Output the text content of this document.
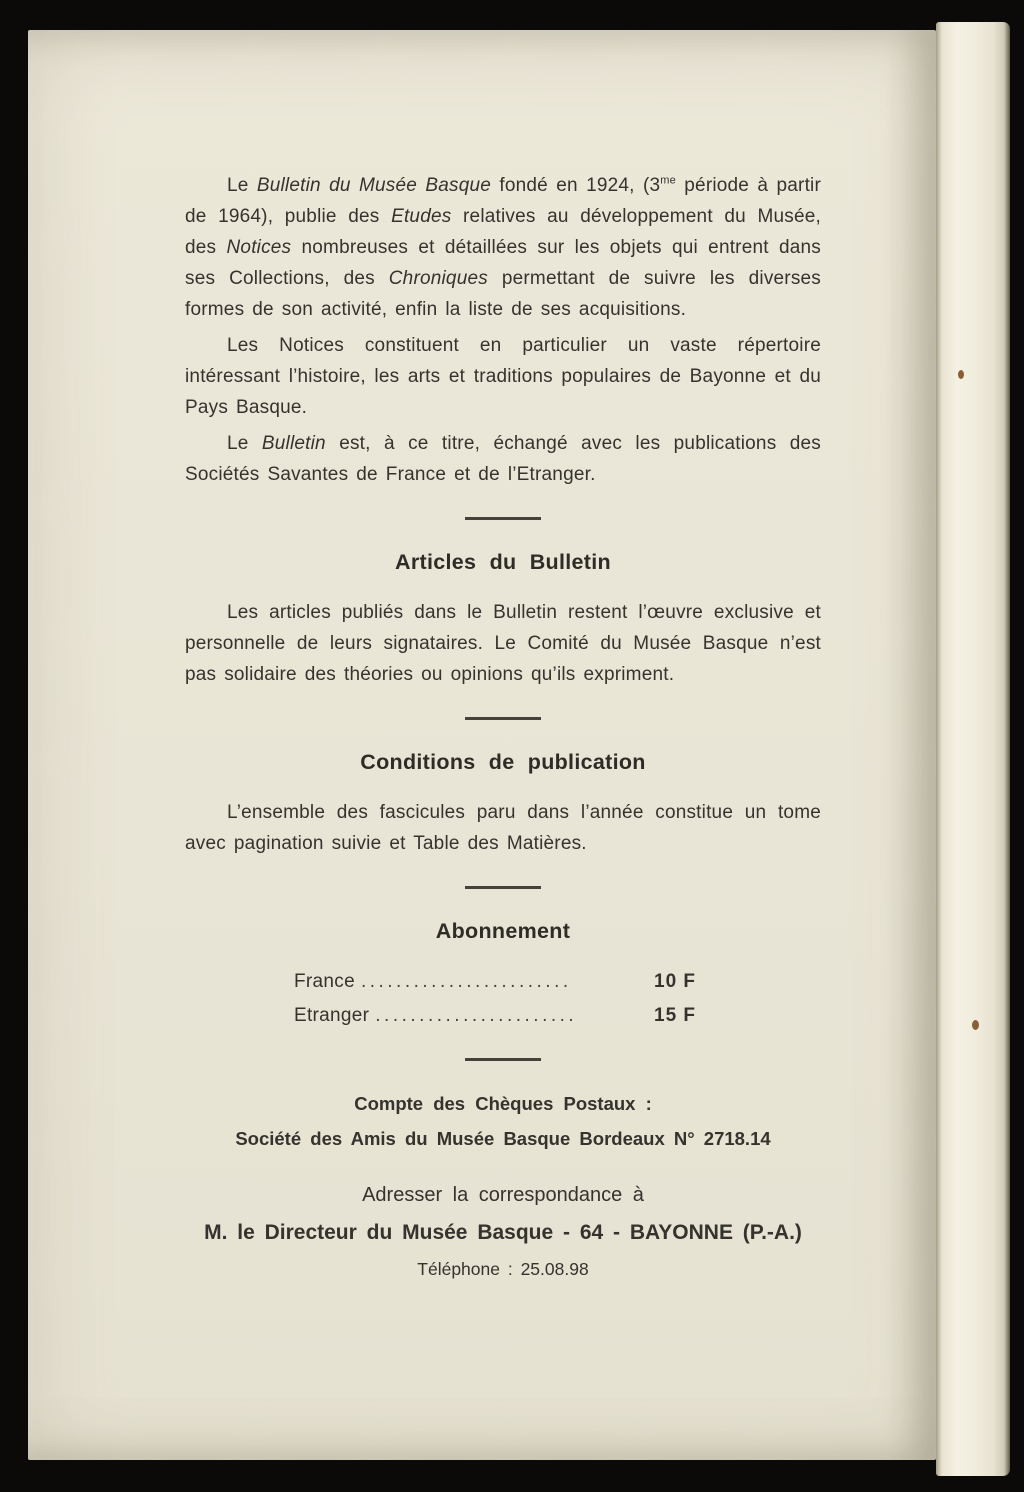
Le Bulletin du Musée Basque fondé en 1924, ($3^{me}$ période à partir de 1964), publie des Etudes relatives au développement du Musée, des Notices nombreuses et détaillées sur les objets qui entrent dans ses Collections, des Chroniques permettant de suivre les diverses formes de son activité, enfin la liste de ses acquisitions.

Les Notices constituent en particulier un vaste répertoire intéressant l’histoire, les arts et traditions populaires de Bayonne et du Pays Basque.

Le Bulletin est, à ce titre, échangé avec les publications des Sociétés Savantes de France et de l’Etranger.

Articles du Bulletin

Les articles publiés dans le Bulletin restent l’œuvre exclusive et personnelle de leurs signataires. Le Comité du Musée Basque n’est pas solidaire des théories ou opinions qu’ils expriment.

Conditions de publication

L’ensemble des fascicules paru dans l’année constitue un tome avec pagination suivie et Table des Matières.

Abonnement
France ........................	10 F
Etranger .......................	15 F

Compte des Chèques Postaux :

Société des Amis du Musée Basque Bordeaux N° 2718.14

Adresser la correspondance à

M. le Directeur du Musée Basque - 64 - BAYONNE (P.-A.)

Téléphone : 25.08.98
